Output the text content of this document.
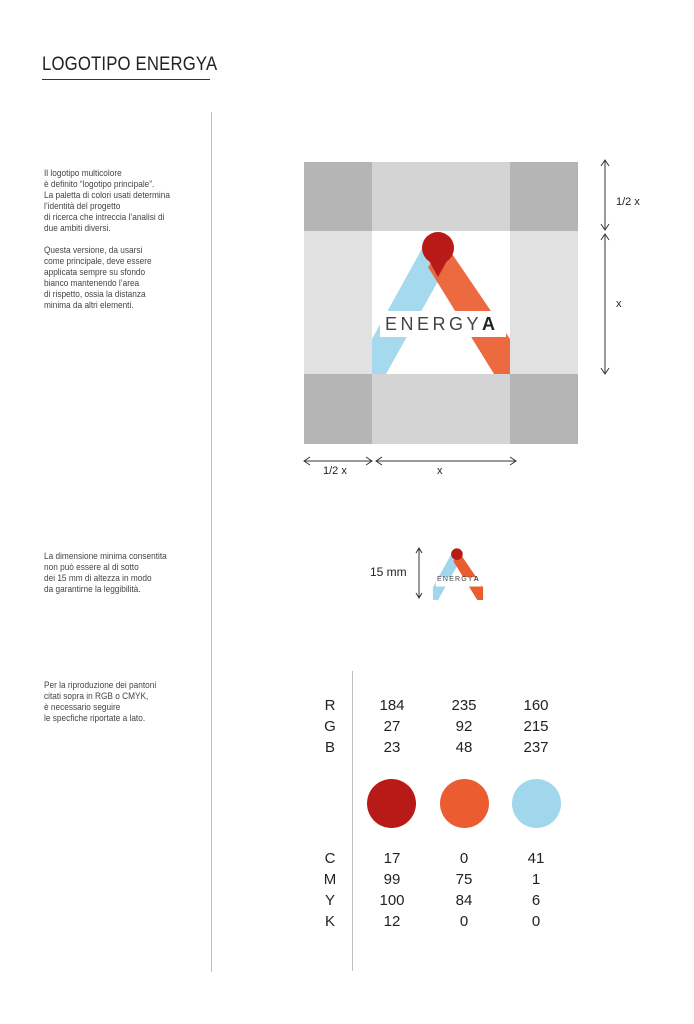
LOGOTIPO ENERGYA

Il logotipo multicolore
è definito “logotipo principale”.
La paletta di colori usati determina
l’identità del progetto
di ricerca che intreccia l’analisi di
due ambiti diversi.

Questa versione, da usarsi
come principale, deve essere
applicata sempre su sfondo
bianco mantenendo l’area
di rispetto, ossia la distanza
minima da altri elementi.

ENERGYA
1/2 x
x
1/2 x	x

La dimensione minima consentita
non può essere al di sotto
dei 15 mm di altezza in modo
da garantirne la leggibilità.

15 mm
ENERGYA

Per la riproduzione dei pantoni
citati sopra in RGB o CMYK,
è necessario seguire
le specfiche riportate a lato.

R
G
B
184
27
23
235
92
48
160
215
237
C
M
Y
K
17
99
100
12
0
75
84
0
41
1
6
0
